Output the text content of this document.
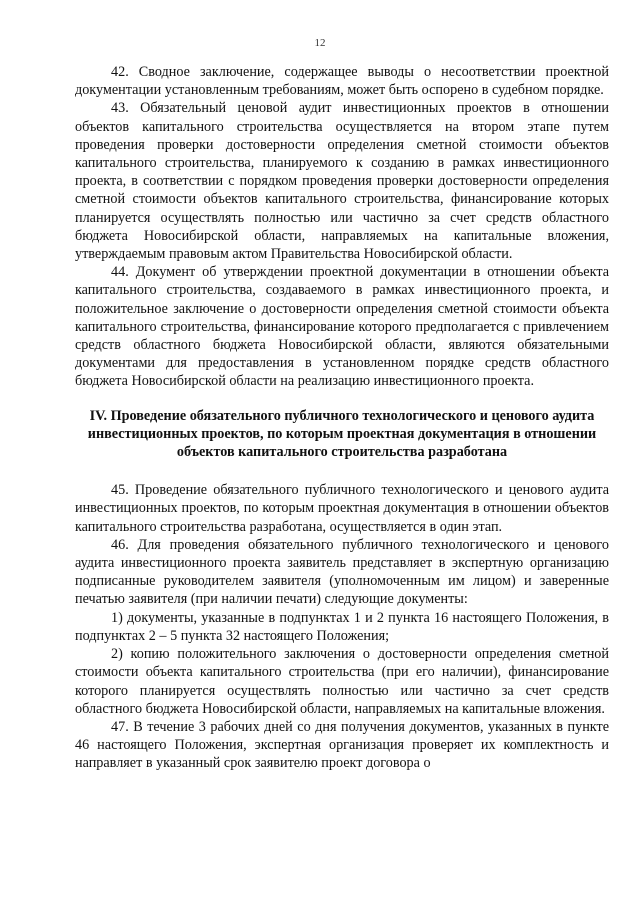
12

42. Сводное заключение, содержащее выводы о несоответствии проектной документации установленным требованиям, может быть оспорено в судебном порядке.

43. Обязательный ценовой аудит инвестиционных проектов в отношении объектов капитального строительства осуществляется на втором этапе путем проведения проверки достоверности определения сметной стоимости объектов капитального строительства, планируемого к созданию в рамках инвестиционного проекта, в соответствии с порядком проведения проверки достоверности определения сметной стоимости объектов капитального строительства, финансирование которых планируется осуществлять полностью или частично за счет средств областного бюджета Новосибирской области, направляемых на капитальные вложения, утверждаемым правовым актом Правительства Новосибирской области.

44. Документ об утверждении проектной документации в отношении объекта капитального строительства, создаваемого в рамках инвестиционного проекта, и положительное заключение о достоверности определения сметной стоимости объекта капитального строительства, финансирование которого предполагается с привлечением средств областного бюджета Новосибирской области, являются обязательными документами для предоставления в установленном порядке средств областного бюджета Новосибирской области на реализацию инвестиционного проекта.

IV. Проведение обязательного публичного технологического и ценового аудита инвестиционных проектов, по которым проектная документация в отношении объектов капитального строительства разработана

45. Проведение обязательного публичного технологического и ценового аудита инвестиционных проектов, по которым проектная документация в отношении объектов капитального строительства разработана, осуществляется в один этап.

46. Для проведения обязательного публичного технологического и ценового аудита инвестиционного проекта заявитель представляет в экспертную организацию подписанные руководителем заявителя (уполномоченным им лицом) и заверенные печатью заявителя (при наличии печати) следующие документы:

1) документы, указанные в подпунктах 1 и 2 пункта 16 настоящего Положения, в подпунктах 2 – 5 пункта 32 настоящего Положения;

2) копию положительного заключения о достоверности определения сметной стоимости объекта капитального строительства (при его наличии), финансирование которого планируется осуществлять полностью или частично за счет средств областного бюджета Новосибирской области, направляемых на капитальные вложения.

47. В течение 3 рабочих дней со дня получения документов, указанных в пункте 46 настоящего Положения, экспертная организация проверяет их комплектность и направляет в указанный срок заявителю проект договора о
